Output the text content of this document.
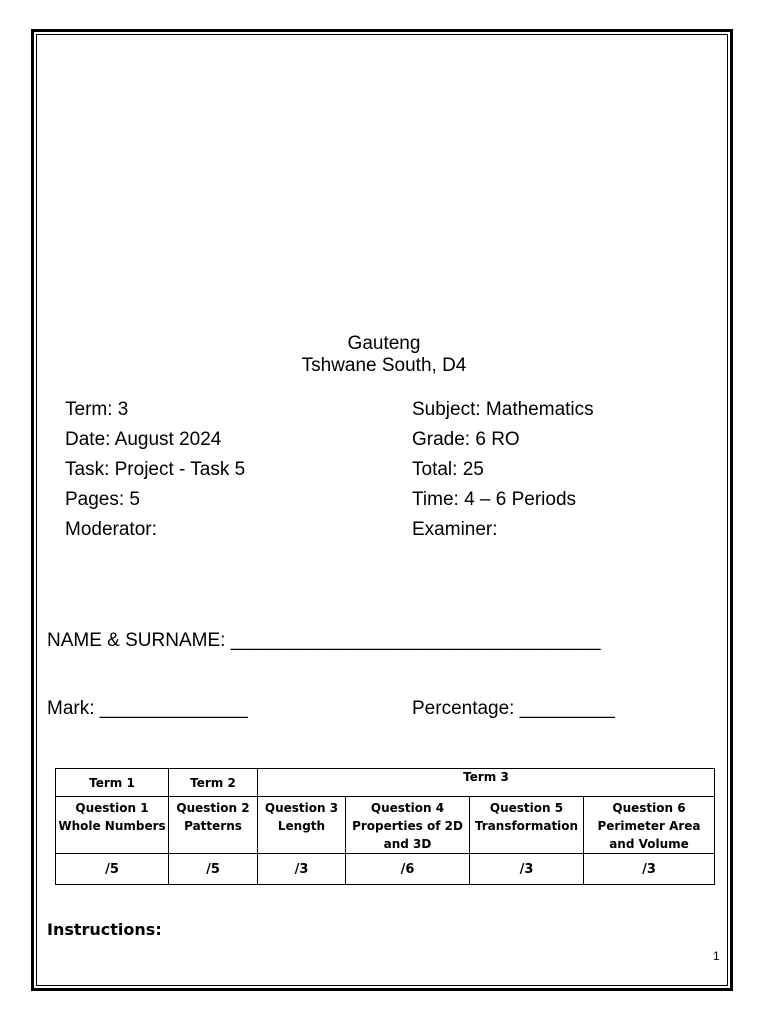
Gauteng
Tshwane South, D4
Term: 3
Date: August 2024
Task: Project - Task 5
Pages: 5
Moderator:
Subject: Mathematics
Grade: 6 RO
Total: 25
Time: 4 – 6 Periods
Examiner:
NAME & SURNAME: ___________________________________
Mark: ______________	Percentage: _________
Term 1	Term 2	Term 3			
Question 1 Whole Numbers	Question 2 Patterns	Question 3 Length	Question 4 Properties of 2D and 3D	Question 5 Transformation	Question 6 Perimeter Area and Volume
/5	/5	/3	/6	/3	/3
Instructions:
1
